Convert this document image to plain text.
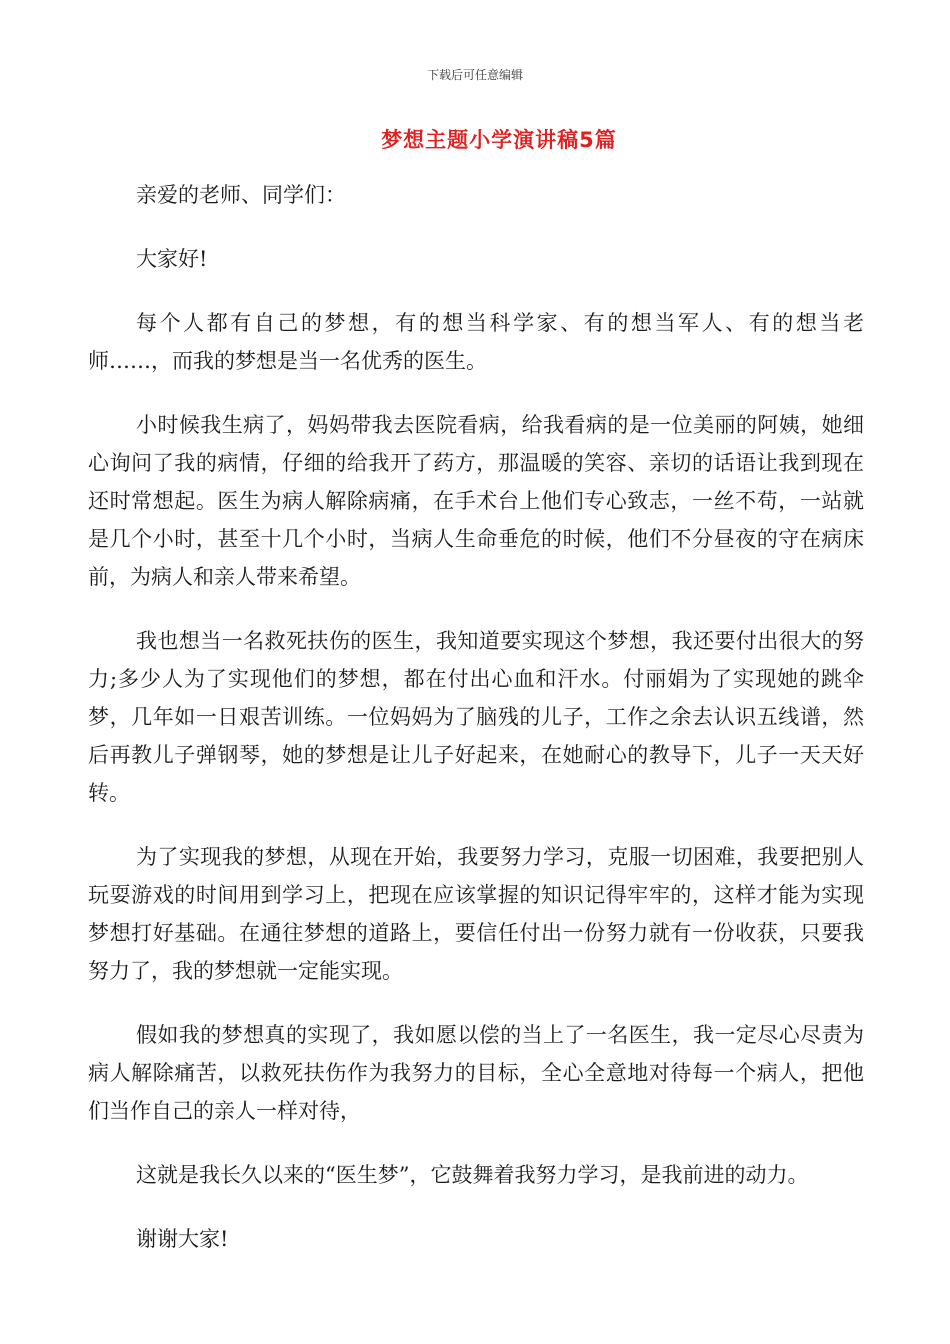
下载后可任意编辑
梦想主题小学演讲稿5篇

亲爱的老师、同学们：

大家好!

每个人都有自己的梦想，有的想当科学家、有的想当军人、有的想当老师……，而我的梦想是当一名优秀的医生。

小时候我生病了，妈妈带我去医院看病，给我看病的是一位美丽的阿姨，她细心询问了我的病情，仔细的给我开了药方，那温暖的笑容、亲切的话语让我到现在还时常想起。医生为病人解除病痛，在手术台上他们专心致志，一丝不苟，一站就是几个小时，甚至十几个小时，当病人生命垂危的时候，他们不分昼夜的守在病床前，为病人和亲人带来希望。

我也想当一名救死扶伤的医生，我知道要实现这个梦想，我还要付出很大的努力;多少人为了实现他们的梦想，都在付出心血和汗水。付丽娟为了实现她的跳伞梦，几年如一日艰苦训练。一位妈妈为了脑残的儿子，工作之余去认识五线谱，然后再教儿子弹钢琴，她的梦想是让儿子好起来，在她耐心的教导下，儿子一天天好转。

为了实现我的梦想，从现在开始，我要努力学习，克服一切困难，我要把别人玩耍游戏的时间用到学习上，把现在应该掌握的知识记得牢牢的，这样才能为实现梦想打好基础。在通往梦想的道路上，要信任付出一份努力就有一份收获，只要我努力了，我的梦想就一定能实现。

假如我的梦想真的实现了，我如愿以偿的当上了一名医生，我一定尽心尽责为病人解除痛苦，以救死扶伤作为我努力的目标，全心全意地对待每一个病人，把他们当作自己的亲人一样对待，

这就是我长久以来的“医生梦”，它鼓舞着我努力学习，是我前进的动力。

谢谢大家!
